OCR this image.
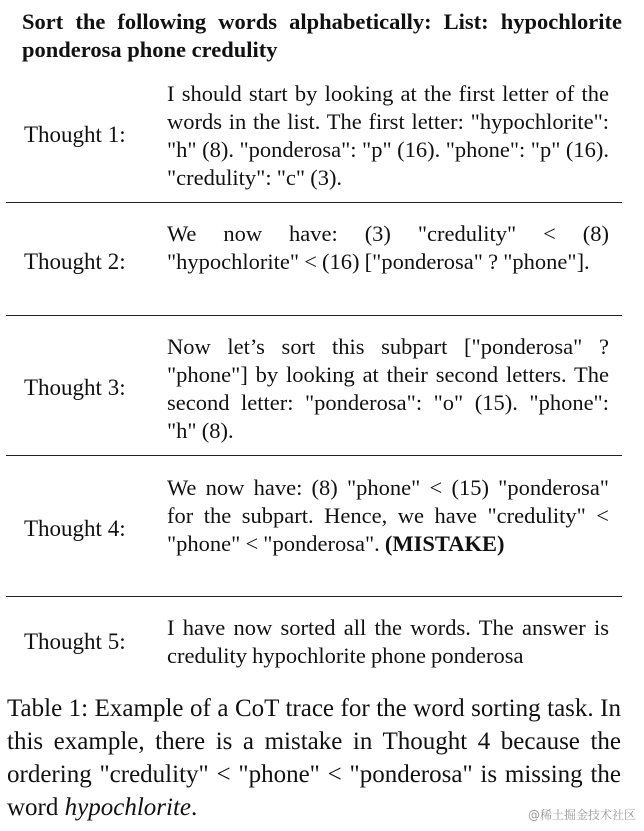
Sort the following words alphabetically: List: hypochlorite ponderosa phone credulity
Thought 1:
I should start by looking at the first letter of the words in the list. The first letter: "hypochlorite": "h" (8). "ponderosa": "p" (16). "phone": "p" (16). "credulity": "c" (3).
Thought 2:
We now have: (3) "credulity" < (8) "hypochlorite" < (16) ["ponderosa" ? "phone"].
Thought 3:
Now let’s sort this subpart ["ponderosa" ? "phone"] by looking at their second letters. The second letter: "ponderosa": "o" (15). "phone": "h" (8).
Thought 4:
We now have: (8) "phone" < (15) "ponderosa" for the subpart. Hence, we have "credulity" < "phone" < "ponderosa". (MISTAKE)
Thought 5:
I have now sorted all the words. The answer is credulity hypochlorite phone ponderosa
Table 1: Example of a CoT trace for the word sorting task. In this example, there is a mistake in Thought 4 because the ordering "credulity" < "phone" < "ponderosa" is missing the word hypochlorite.	@稀土掘金技术社区
